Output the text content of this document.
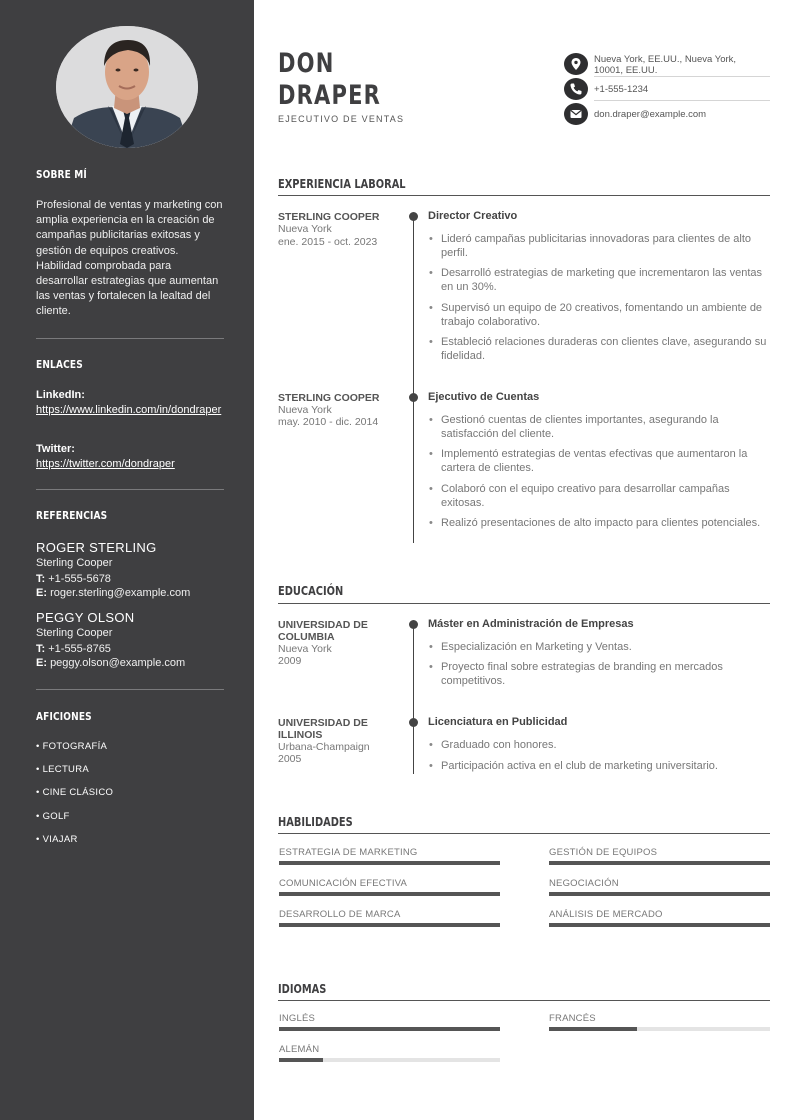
SOBRE MÍ
Profesional de ventas y marketing con amplia experiencia en la creación de campañas publicitarias exitosas y gestión de equipos creativos. Habilidad comprobada para desarrollar estrategias que aumentan las ventas y fortalecen la lealtad del cliente.
ENLACES
LinkedIn:
https://www.linkedin.com/in/dondraper
Twitter:
https://twitter.com/dondraper
REFERENCIAS
ROGER STERLING
Sterling Cooper
T: +1-555-5678
E: roger.sterling@example.com
PEGGY OLSON
Sterling Cooper
T: +1-555-8765
E: peggy.olson@example.com
AFICIONES
• FOTOGRAFÍA
• LECTURA
• CINE CLÁSICO
• GOLF
• VIAJAR
DON
DRAPER
EJECUTIVO DE VENTAS
Nueva York, EE.UU., Nueva York, 10001, EE.UU.
+1-555-1234
don.draper@example.com
EXPERIENCIA LABORAL
STERLING COOPER
Nueva York
ene. 2015 - oct. 2023
Director Creativo
• Lideró campañas publicitarias innovadoras para clientes de alto perfil.
• Desarrolló estrategias de marketing que incrementaron las ventas en un 30%.
• Supervisó un equipo de 20 creativos, fomentando un ambiente de trabajo colaborativo.
• Estableció relaciones duraderas con clientes clave, asegurando su fidelidad.
STERLING COOPER
Nueva York
may. 2010 - dic. 2014
Ejecutivo de Cuentas
• Gestionó cuentas de clientes importantes, asegurando la satisfacción del cliente.
• Implementó estrategias de ventas efectivas que aumentaron la cartera de clientes.
• Colaboró con el equipo creativo para desarrollar campañas exitosas.
• Realizó presentaciones de alto impacto para clientes potenciales.
EDUCACIÓN
UNIVERSIDAD DE COLUMBIA
Nueva York
2009
Máster en Administración de Empresas
• Especialización en Marketing y Ventas.
• Proyecto final sobre estrategias de branding en mercados competitivos.
UNIVERSIDAD DE ILLINOIS
Urbana-Champaign
2005
Licenciatura en Publicidad
• Graduado con honores.
• Participación activa en el club de marketing universitario.
HABILIDADES
ESTRATEGIA DE MARKETING	GESTIÓN DE EQUIPOS
COMUNICACIÓN EFECTIVA	NEGOCIACIÓN
DESARROLLO DE MARCA	ANÁLISIS DE MERCADO
IDIOMAS
INGLÉS	FRANCÉS
ALEMÁN
